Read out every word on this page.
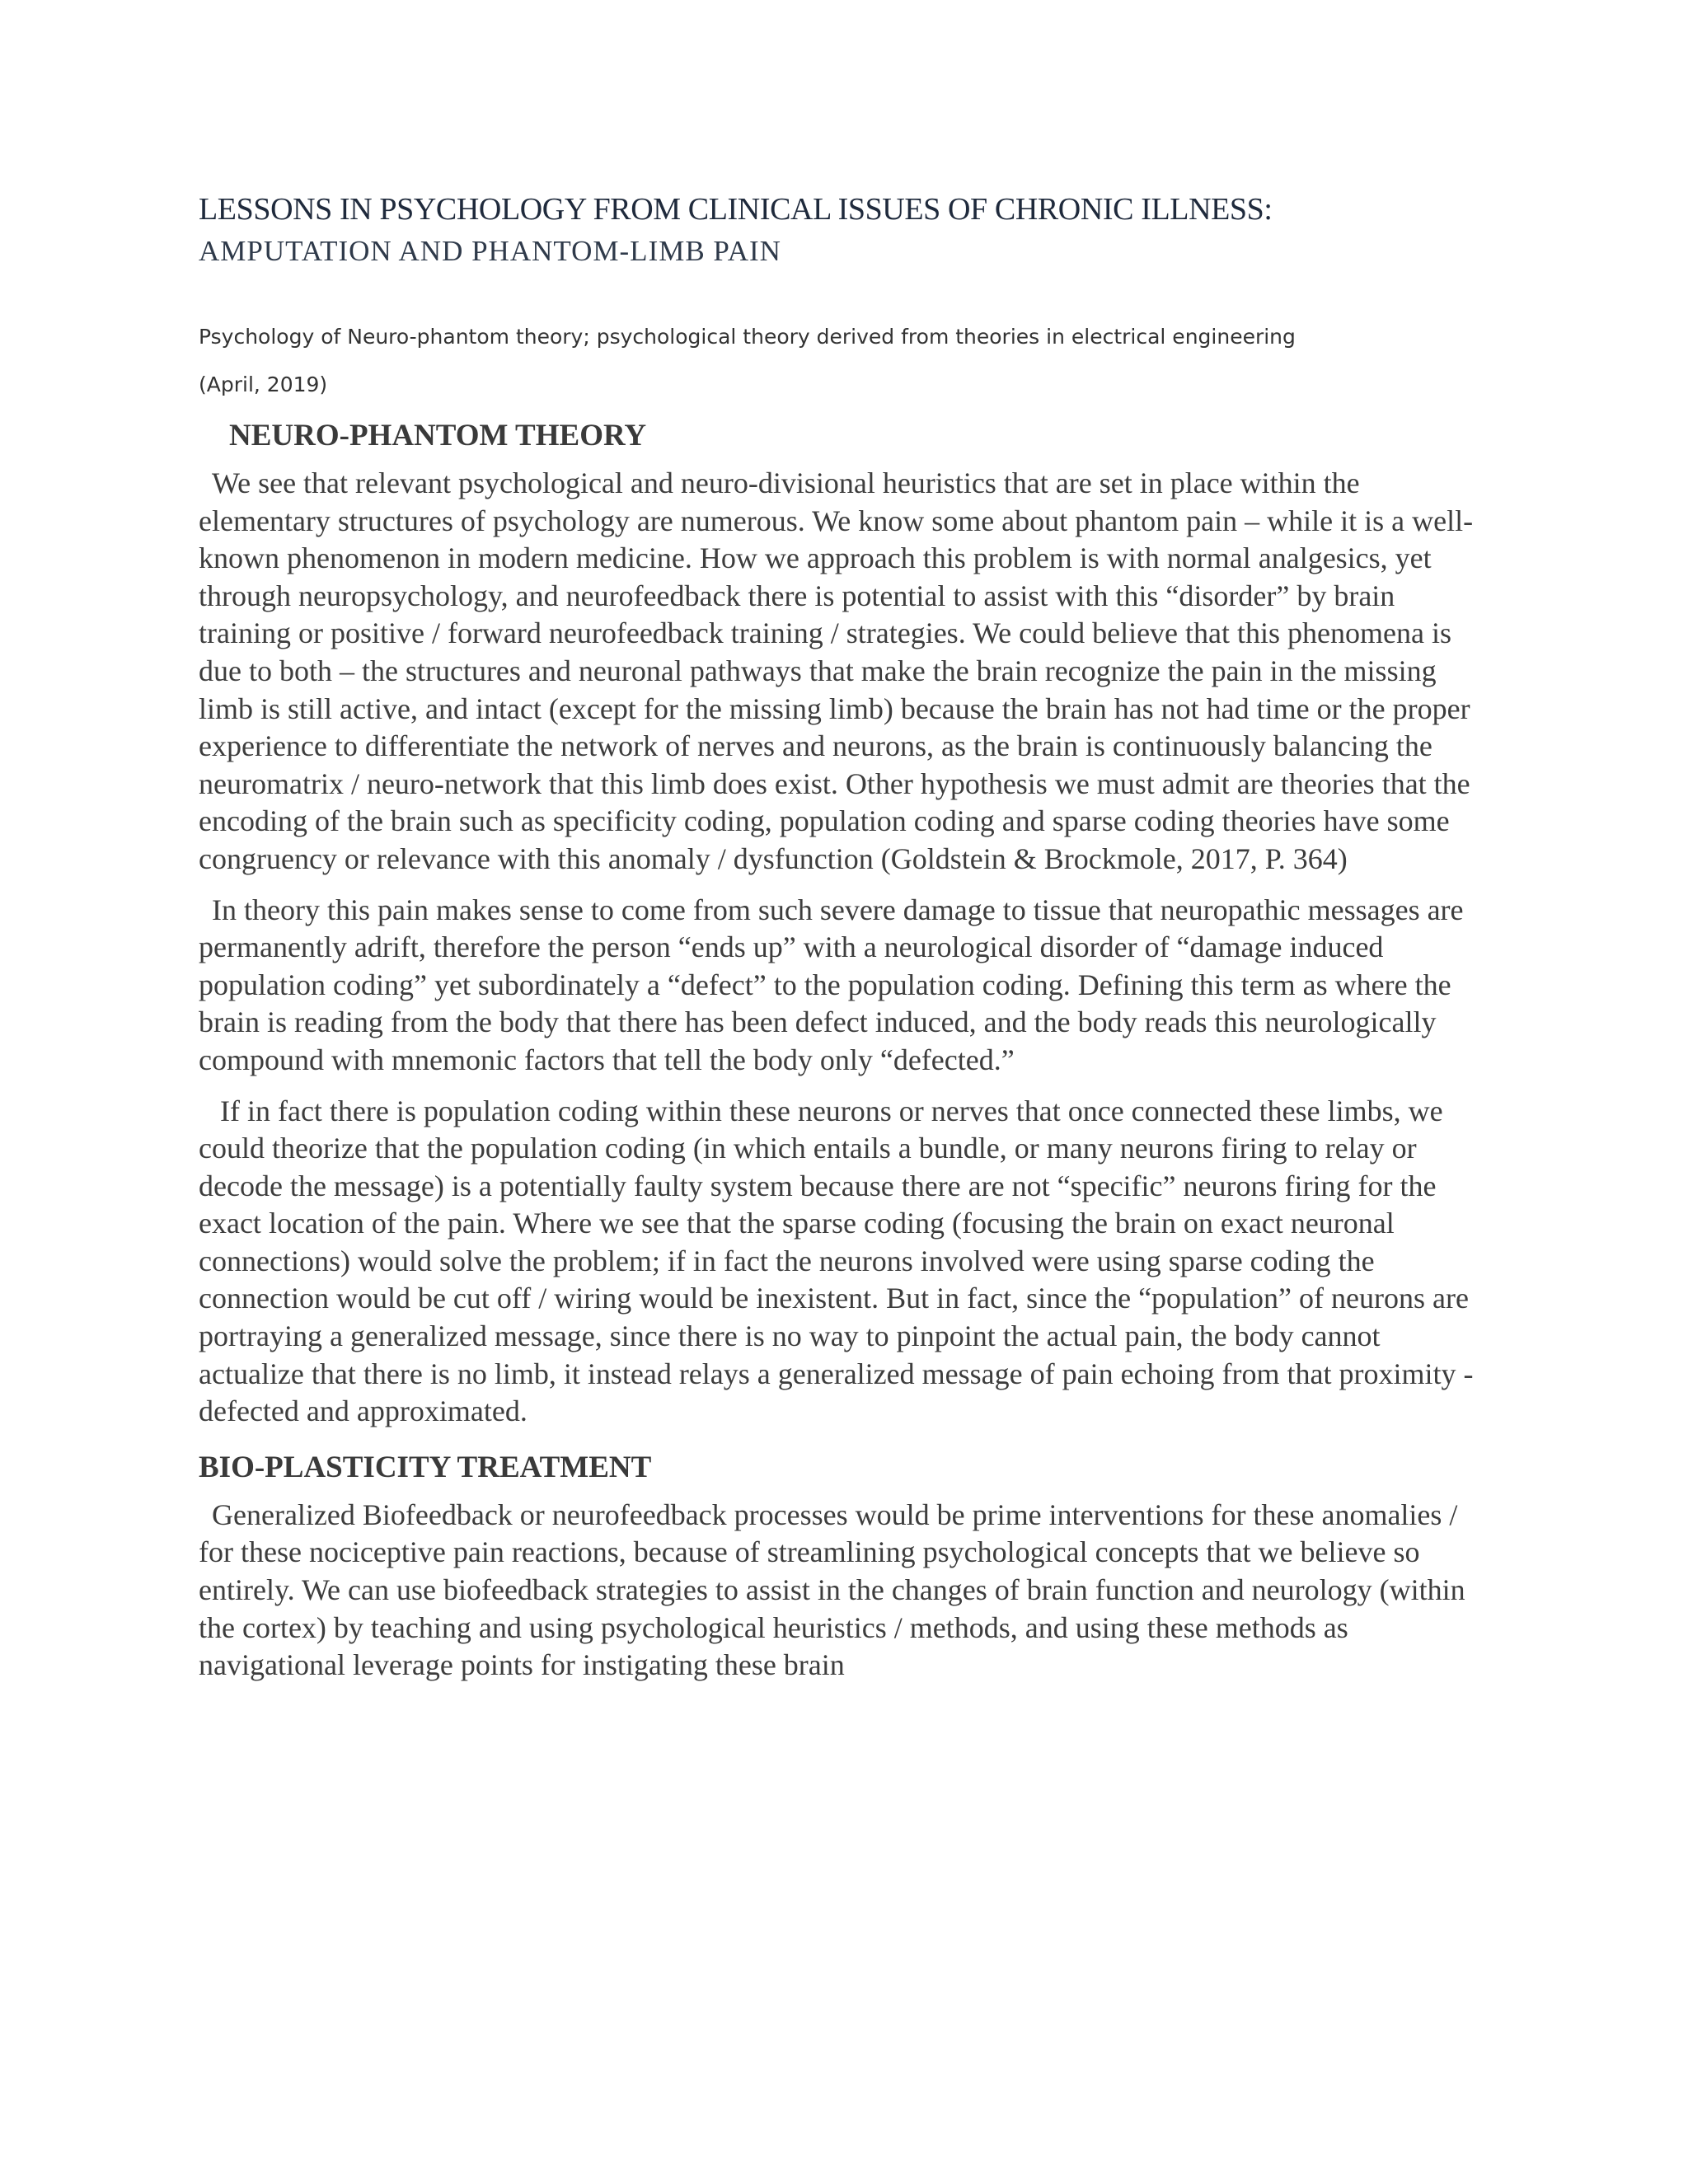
LESSONS IN PSYCHOLOGY FROM CLINICAL ISSUES OF CHRONIC ILLNESS:
AMPUTATION AND PHANTOM-LIMB PAIN
Psychology of Neuro-phantom theory; psychological theory derived from theories in electrical engineering
(April, 2019)
NEURO-PHANTOM THEORY

We see that relevant psychological and neuro-divisional heuristics that are set in place within the elementary structures of psychology are numerous. We know some about phantom pain – while it is a well-known phenomenon in modern medicine. How we approach this problem is with normal analgesics, yet through neuropsychology, and neurofeedback there is potential to assist with this “disorder” by brain training or positive / forward neurofeedback training / strategies. We could believe that this phenomena is due to both – the structures and neuronal pathways that make the brain recognize the pain in the missing limb is still active, and intact (except for the missing limb) because the brain has not had time or the proper experience to differentiate the network of nerves and neurons, as the brain is continuously balancing the neuromatrix / neuro-network that this limb does exist. Other hypothesis we must admit are theories that the encoding of the brain such as specificity coding, population coding and sparse coding theories have some congruency or relevance with this anomaly / dysfunction (Goldstein & Brockmole, 2017, P. 364)

In theory this pain makes sense to come from such severe damage to tissue that neuropathic messages are permanently adrift, therefore the person “ends up” with a neurological disorder of “damage induced population coding” yet subordinately a “defect” to the population coding. Defining this term as where the brain is reading from the body that there has been defect induced, and the body reads this neurologically compound with mnemonic factors that tell the body only “defected.”

If in fact there is population coding within these neurons or nerves that once connected these limbs, we could theorize that the population coding (in which entails a bundle, or many neurons firing to relay or decode the message) is a potentially faulty system because there are not “specific” neurons firing for the exact location of the pain. Where we see that the sparse coding (focusing the brain on exact neuronal connections) would solve the problem; if in fact the neurons involved were using sparse coding the connection would be cut off / wiring would be inexistent. But in fact, since the “population” of neurons are portraying a generalized message, since there is no way to pinpoint the actual pain, the body cannot actualize that there is no limb, it instead relays a generalized message of pain echoing from that proximity - defected and approximated.

BIO-PLASTICITY TREATMENT

Generalized Biofeedback or neurofeedback processes would be prime interventions for these anomalies / for these nociceptive pain reactions, because of streamlining psychological concepts that we believe so entirely. We can use biofeedback strategies to assist in the changes of brain function and neurology (within the cortex) by teaching and using psychological heuristics / methods, and using these methods as navigational leverage points for instigating these brain
